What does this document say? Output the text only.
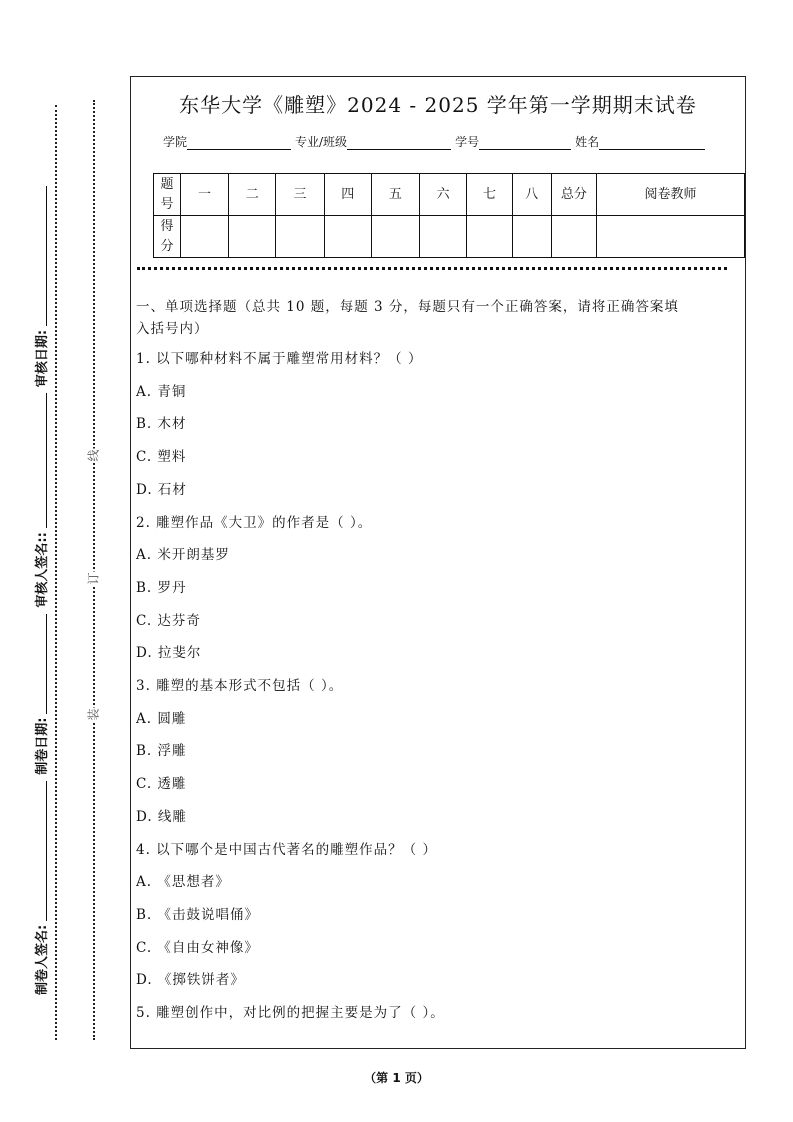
制卷人签名:
制卷日期:
审核人签名::
审核日期:
装
订
线
东华大学《雕塑》2024 - 2025 学年第一学期期末试卷
学院	专业/班级	学号	姓名
题号	一	二	三	四	五	六	七	八	总分	阅卷教师
得分										
一、单项选择题（总共 10 题，每题 3 分，每题只有一个正确答案，请将正确答案填
入括号内）
1. 以下哪种材料不属于雕塑常用材料？（ ）
A. 青铜
B. 木材
C. 塑料
D. 石材
2. 雕塑作品《大卫》的作者是（ ）。
A. 米开朗基罗
B. 罗丹
C. 达芬奇
D. 拉斐尔
3. 雕塑的基本形式不包括（ ）。
A. 圆雕
B. 浮雕
C. 透雕
D. 线雕
4. 以下哪个是中国古代著名的雕塑作品？（ ）
A. 《思想者》
B. 《击鼓说唱俑》
C. 《自由女神像》
D. 《掷铁饼者》
5. 雕塑创作中，对比例的把握主要是为了（ ）。
（第 1 页）
